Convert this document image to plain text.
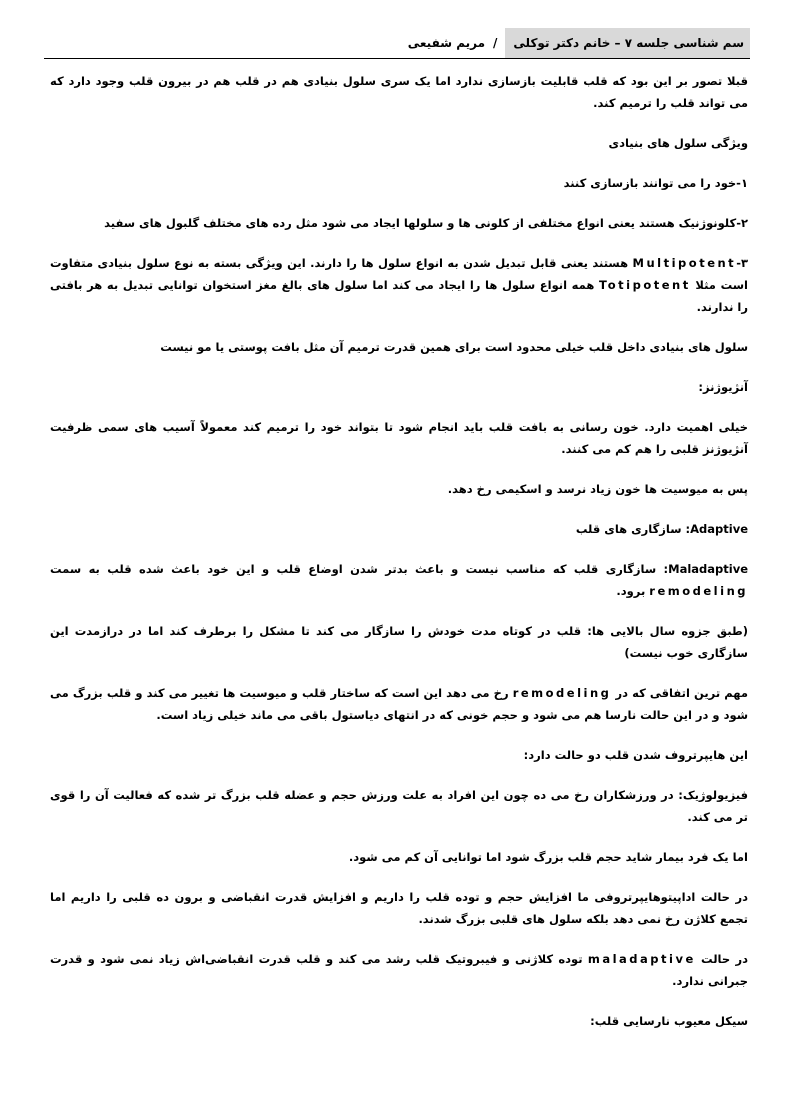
سم شناسی جلسه ۷ – خانم دکتر توکلی
/
مریم شفیعی

قبلا تصور بر این بود که قلب قابلیت بازسازی ندارد اما یک سری سلول بنیادی هم در قلب هم در بیرون قلب وجود دارد که می تواند قلب را ترمیم کند.

ویژگی سلول های بنیادی

۱-خود را می توانند بازسازی کنند

۲-کلونوژنیک هستند یعنی انواع مختلفی از کلونی ها و سلولها ایجاد می شود مثل رده های مختلف گلبول های سفید

۳-Multipotent هستند یعنی قابل تبدیل شدن به انواع سلول ها را دارند. این ویژگی بسته به نوع سلول بنیادی متفاوت است مثلا Totipotent همه انواع سلول ها را ایجاد می کند اما سلول های بالغ مغز استخوان توانایی تبدیل به هر بافتی را ندارند.

سلول های بنیادی داخل قلب خیلی محدود است برای همین قدرت ترمیم آن مثل بافت پوستی یا مو نیست

آنژیوژنز:

خیلی اهمیت دارد. خون رسانی به بافت قلب باید انجام شود تا بتواند خود را ترمیم کند معمولاً آسیب های سمی ظرفیت آنژیوژنز قلبی را هم کم می کنند.

پس به میوسیت ها خون زیاد نرسد و اسکیمی رخ دهد.

Adaptive: سازگاری های قلب

Maladaptive: سازگاری قلب که مناسب نیست و باعث بدتر شدن اوضاع قلب و این خود باعث شده قلب به سمت remodeling برود.

(طبق جزوه سال بالایی ها: قلب در کوتاه مدت خودش را سازگار می کند تا مشکل را برطرف کند اما در درازمدت این سازگاری خوب نیست)

مهم ترین اتفاقی که در remodeling رخ می دهد این است که ساختار قلب و میوسیت ها تغییر می کند و قلب بزرگ می شود و در این حالت نارسا هم می شود و حجم خونی که در انتهای دیاستول باقی می ماند خیلی زیاد است.

این هایپرتروف شدن قلب دو حالت دارد:

فیزیولوژیک: در ورزشکاران رخ می ده چون این افراد به علت ورزش حجم و عضله قلب بزرگ تر شده که فعالیت آن را قوی تر می کند.

اما یک فرد بیمار شاید حجم قلب بزرگ شود اما توانایی آن کم می شود.

در حالت اداپیتوهایپرتروفی ما افزایش حجم و توده قلب را داریم و افزایش قدرت انقباضی و برون ده قلبی را داریم اما تجمع کلاژن رخ نمی دهد بلکه سلول های قلبی بزرگ شدند.

در حالت maladaptive توده کلاژنی و فیبروتیک قلب رشد می کند و قلب قدرت انقباضی‌اش زیاد نمی شود و قدرت جبرانی ندارد.

سیکل معیوب نارسایی قلب:
